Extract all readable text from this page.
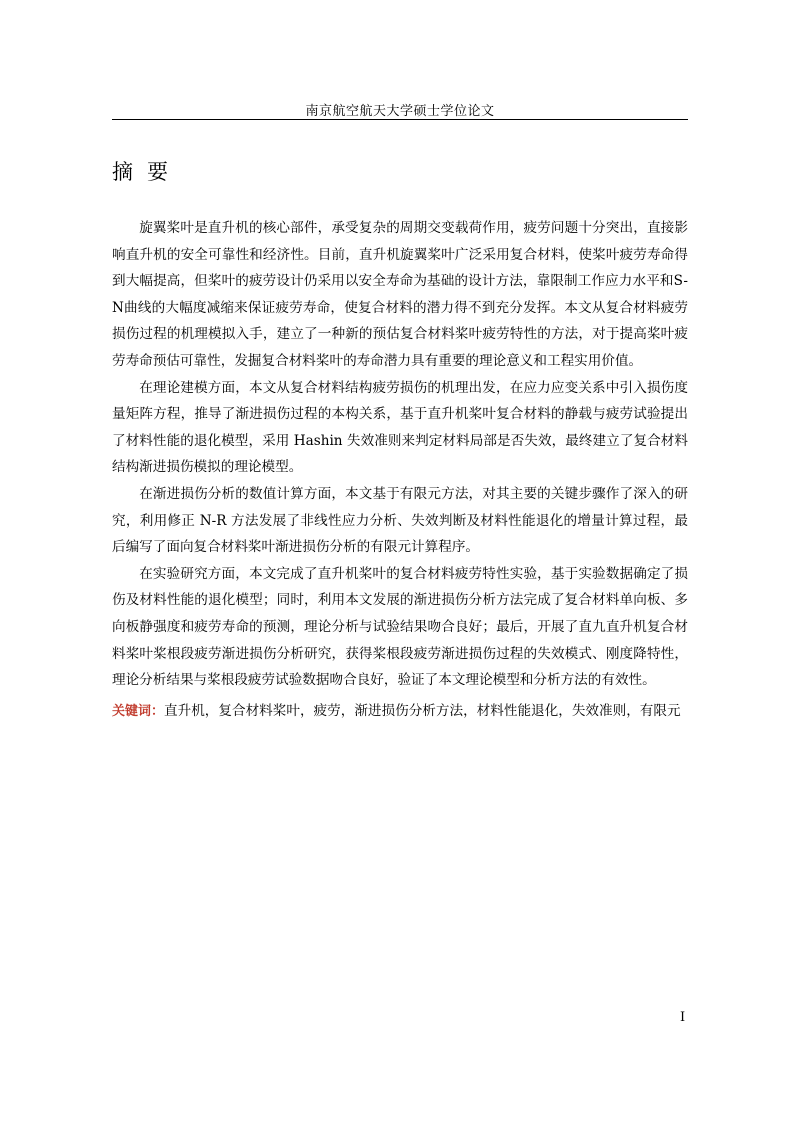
南京航空航天大学硕士学位论文
摘要

旋翼桨叶是直升机的核心部件，承受复杂的周期交变载荷作用，疲劳问题十分突出，直接影响直升机的安全可靠性和经济性。目前，直升机旋翼桨叶广泛采用复合材料，使桨叶疲劳寿命得到大幅提高，但桨叶的疲劳设计仍采用以安全寿命为基础的设计方法，靠限制工作应力水平和S-N曲线的大幅度减缩来保证疲劳寿命，使复合材料的潜力得不到充分发挥。本文从复合材料疲劳损伤过程的机理模拟入手，建立了一种新的预估复合材料桨叶疲劳特性的方法，对于提高桨叶疲劳寿命预估可靠性，发掘复合材料桨叶的寿命潜力具有重要的理论意义和工程实用价值。

在理论建模方面，本文从复合材料结构疲劳损伤的机理出发，在应力应变关系中引入损伤度量矩阵方程，推导了渐进损伤过程的本构关系，基于直升机桨叶复合材料的静载与疲劳试验提出了材料性能的退化模型，采用 Hashin 失效准则来判定材料局部是否失效，最终建立了复合材料结构渐进损伤模拟的理论模型。

在渐进损伤分析的数值计算方面，本文基于有限元方法，对其主要的关键步骤作了深入的研究，利用修正 N-R 方法发展了非线性应力分析、失效判断及材料性能退化的增量计算过程，最后编写了面向复合材料桨叶渐进损伤分析的有限元计算程序。

在实验研究方面，本文完成了直升机桨叶的复合材料疲劳特性实验，基于实验数据确定了损伤及材料性能的退化模型；同时，利用本文发展的渐进损伤分析方法完成了复合材料单向板、多向板静强度和疲劳寿命的预测，理论分析与试验结果吻合良好；最后，开展了直九直升机复合材料桨叶桨根段疲劳渐进损伤分析研究，获得桨根段疲劳渐进损伤过程的失效模式、刚度降特性，理论分析结果与桨根段疲劳试验数据吻合良好，验证了本文理论模型和分析方法的有效性。

关键词：直升机，复合材料桨叶，疲劳，渐进损伤分析方法，材料性能退化，失效准则，有限元

I
